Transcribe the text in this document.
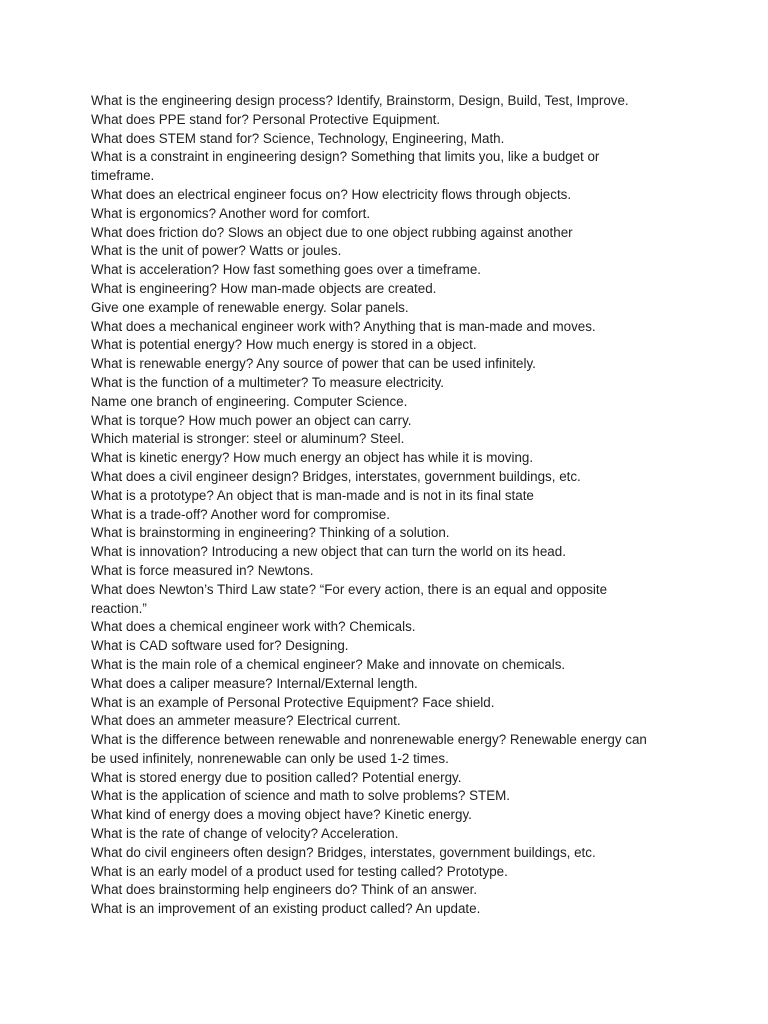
What is the engineering design process? Identify, Brainstorm, Design, Build, Test, Improve.
What does PPE stand for? Personal Protective Equipment.
What does STEM stand for? Science, Technology, Engineering, Math.
What is a constraint in engineering design? Something that limits you, like a budget or
timeframe.
What does an electrical engineer focus on? How electricity flows through objects.
What is ergonomics? Another word for comfort.
What does friction do? Slows an object due to one object rubbing against another
What is the unit of power? Watts or joules.
What is acceleration? How fast something goes over a timeframe.
What is engineering? How man-made objects are created.
Give one example of renewable energy. Solar panels.
What does a mechanical engineer work with? Anything that is man-made and moves.
What is potential energy? How much energy is stored in a object.
What is renewable energy? Any source of power that can be used infinitely.
What is the function of a multimeter? To measure electricity.
Name one branch of engineering. Computer Science.
What is torque? How much power an object can carry.
Which material is stronger: steel or aluminum? Steel.
What is kinetic energy? How much energy an object has while it is moving.
What does a civil engineer design? Bridges, interstates, government buildings, etc.
What is a prototype? An object that is man-made and is not in its final state
What is a trade-off? Another word for compromise.
What is brainstorming in engineering? Thinking of a solution.
What is innovation? Introducing a new object that can turn the world on its head.
What is force measured in? Newtons.
What does Newton’s Third Law state? “For every action, there is an equal and opposite
reaction.”
What does a chemical engineer work with? Chemicals.
What is CAD software used for? Designing.
What is the main role of a chemical engineer? Make and innovate on chemicals.
What does a caliper measure? Internal/External length.
What is an example of Personal Protective Equipment? Face shield.
What does an ammeter measure? Electrical current.
What is the difference between renewable and nonrenewable energy? Renewable energy can
be used infinitely, nonrenewable can only be used 1-2 times.
What is stored energy due to position called? Potential energy.
What is the application of science and math to solve problems? STEM.
What kind of energy does a moving object have? Kinetic energy.
What is the rate of change of velocity? Acceleration.
What do civil engineers often design? Bridges, interstates, government buildings, etc.
What is an early model of a product used for testing called? Prototype.
What does brainstorming help engineers do? Think of an answer.
What is an improvement of an existing product called? An update.
